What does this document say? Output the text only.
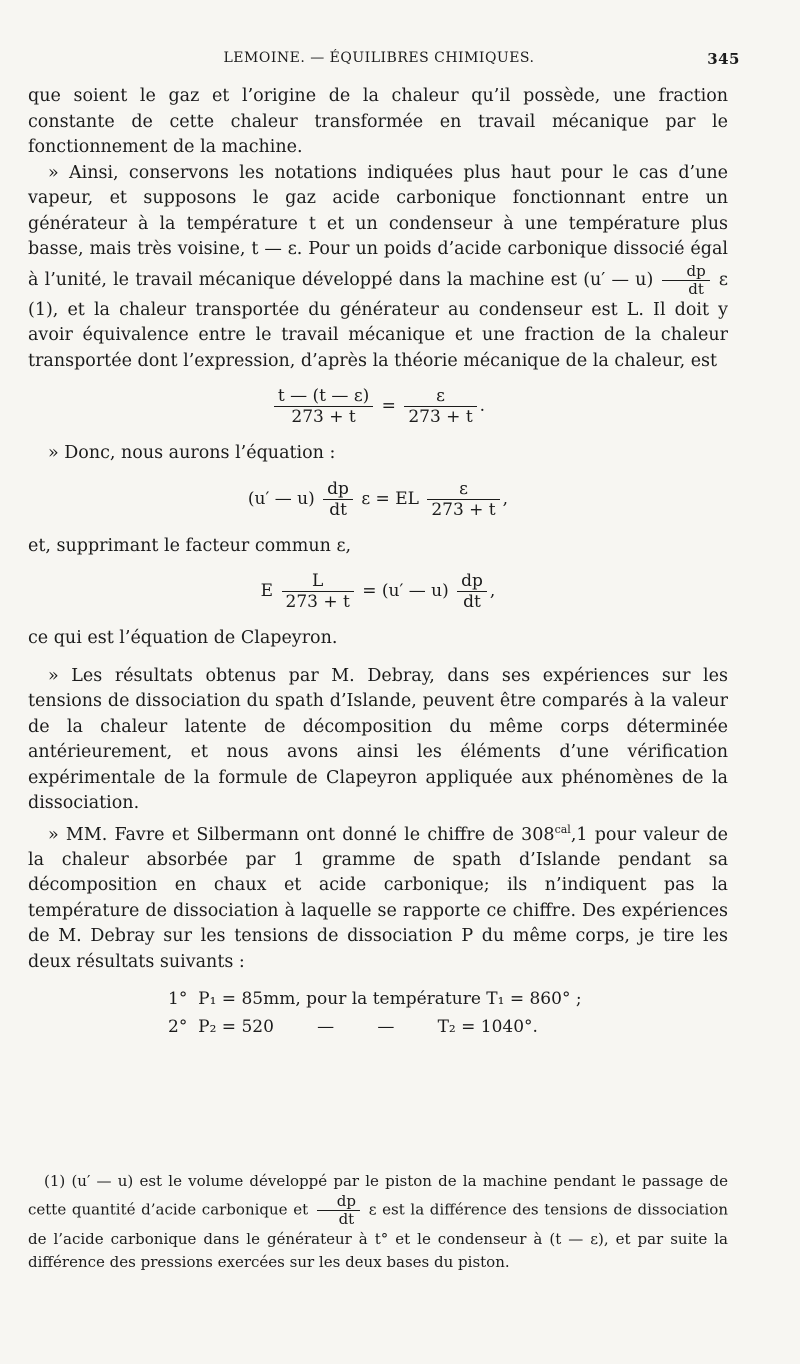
LEMOINE. — ÉQUILIBRES CHIMIQUES.	345

que soient le gaz et l’origine de la chaleur qu’il possède, une fraction constante de cette chaleur transformée en travail mécanique par le fonctionnement de la machine.

» Ainsi, conservons les notations indiquées plus haut pour le cas d’une vapeur, et supposons le gaz acide carbonique fonctionnant entre un générateur à la température t et un condenseur à une température plus basse, mais très voisine, t — ε. Pour un poids d’acide carbonique dissocié égal à l’unité, le travail mécanique développé dans la machine est (u′ — $u) \frac{dp}{dt}$ ε (1), et la chaleur transportée du générateur au condenseur est L. Il doit y avoir équivalence entre le travail mécanique et une fraction de la chaleur transportée dont l’expression, d’après la théorie mécanique de la chaleur, est

$\frac{t — (t — \varepsilon)}{273 + t} = \frac{\varepsilon}{273 + t}$ .

» Donc, nous aurons l’équation :

(u′ — $u) \frac{dp}{dt}$ ε = EL $\frac{\varepsilon}{273 + t}$ ,

et, supprimant le facteur commun ε,

E $\frac{L}{273 + t} = (u'$ — $u) \frac{dp}{dt}$ ,

ce qui est l’équation de Clapeyron.

» Les résultats obtenus par M. Debray, dans ses expériences sur les tensions de dissociation du spath d’Islande, peuvent être comparés à la valeur de la chaleur latente de décomposition du même corps déterminée antérieurement, et nous avons ainsi les éléments d’une vérification expérimentale de la formule de Clapeyron appliquée aux phénomènes de la dissociation.

» MM. Favre et Silbermann ont donné le chiffre de $308^{cal},1$ pour valeur de la chaleur absorbée par 1 gramme de spath d’Islande pendant sa décomposition en chaux et acide carbonique; ils n’indiquent pas la température de dissociation à laquelle se rapporte ce chiffre. Des expériences de M. Debray sur les tensions de dissociation P du même corps, je tire les deux résultats suivants :

1° P₁ = 85mm, pour la température T₁ = 860° ;
2° P₂ = 520        —        —        T₂ = 1040°.

(1) (u′ — u) est le volume développé par le piston de la machine pendant le passage de cette quantité d’acide carbonique et $\frac{dp}{dt}$ ε est la différence des tensions de dissociation de l’acide carbonique dans le générateur à t° et le condenseur à (t — ε), et par suite la différence des pressions exercées sur les deux bases du piston.
